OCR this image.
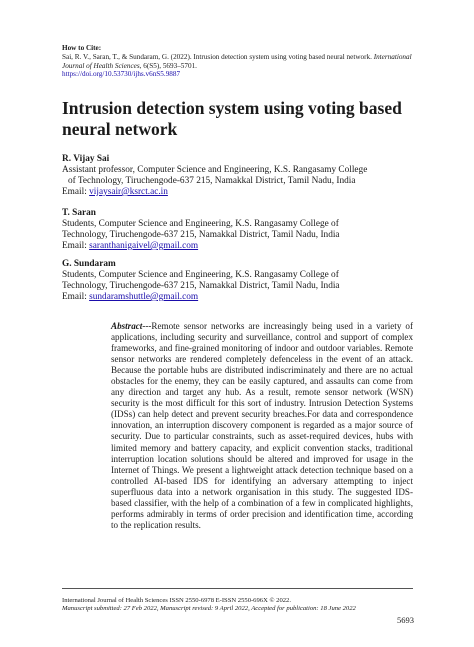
How to Cite:
Sai, R. V., Saran, T., & Sundaram, G. (2022). Intrusion detection system using voting based neural network. International Journal of Health Sciences, 6(S5), 5693–5701.
https://doi.org/10.53730/ijhs.v6nS5.9887
Intrusion detection system using voting based neural network
R. Vijay Sai
Assistant professor, Computer Science and Engineering, K.S. Rangasamy College
of Technology, Tiruchengode-637 215, Namakkal District, Tamil Nadu, India
Email: vijaysair@ksrct.ac.in
T. Saran
Students, Computer Science and Engineering, K.S. Rangasamy College of
Technology, Tiruchengode-637 215, Namakkal District, Tamil Nadu, India
Email: saranthanigaivel@gmail.com
G. Sundaram
Students, Computer Science and Engineering, K.S. Rangasamy College of
Technology, Tiruchengode-637 215, Namakkal District, Tamil Nadu, India
Email: sundaramshuttle@gmail.com
Abstract---Remote sensor networks are increasingly being used in a variety of applications, including security and surveillance, control and support of complex frameworks, and fine-grained monitoring of indoor and outdoor variables. Remote sensor networks are rendered completely defenceless in the event of an attack. Because the portable hubs are distributed indiscriminately and there are no actual obstacles for the enemy, they can be easily captured, and assaults can come from any direction and target any hub. As a result, remote sensor network (WSN) security is the most difficult for this sort of industry. Intrusion Detection Systems (IDSs) can help detect and prevent security breaches.For data and correspondence innovation, an interruption discovery component is regarded as a major source of security. Due to particular constraints, such as asset-required devices, hubs with limited memory and battery capacity, and explicit convention stacks, traditional interruption location solutions should be altered and improved for usage in the Internet of Things. We present a lightweight attack detection technique based on a controlled AI-based IDS for identifying an adversary attempting to inject superfluous data into a network organisation in this study. The suggested IDS-based classifier, with the help of a combination of a few in complicated highlights, performs admirably in terms of order precision and identification time, according to the replication results.
International Journal of Health Sciences ISSN 2550-6978 E-ISSN 2550-696X © 2022.
Manuscript submitted: 27 Feb 2022, Manuscript revised: 9 April 2022, Accepted for publication: 18 June 2022
5693
